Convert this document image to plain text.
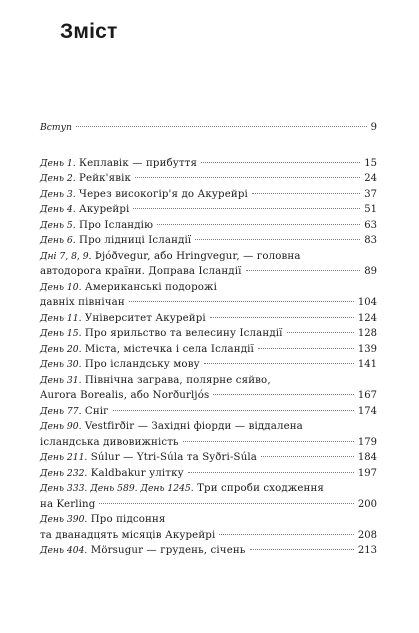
Зміст
Вступ	9
День 1. Кеплавік — прибуття	15
День 2. Рейк'явік	24
День 3. Через високогір'я до Акурейрі	37
День 4. Акурейрі	51
День 5. Про Ісландію	63
День 6. Про лідниці Ісландії	83
Дні 7, 8, 9. Þjóðvegur, або Hringvegur, — головна
автодорога країни. Доправа Ісландії	89
День 10. Американські подорожі
давніх північан	104
День 11. Університет Акурейрі	124
День 15. Про ярильство та велесину Ісландії	128
День 20. Міста, містечка і села Ісландії	139
День 30. Про ісландську мову	141
День 31. Північна заграва, полярне сяйво,
Aurora Borealis, або Norðurljós	167
День 77. Сніг	174
День 90. Vestfirðir — Західні фіорди — віддалена
ісландська дивовижність	179
День 211. Súlur — Ytri-Súla та Syðri-Súla	184
День 232. Kaldbakur улітку	197
День 333. День 589. День 1245. Три спроби сходження
на Kerling	200
День 390. Про підсоння
та дванадцять місяців Акурейрі	208
День 404. Mörsugur — грудень, січень	213
